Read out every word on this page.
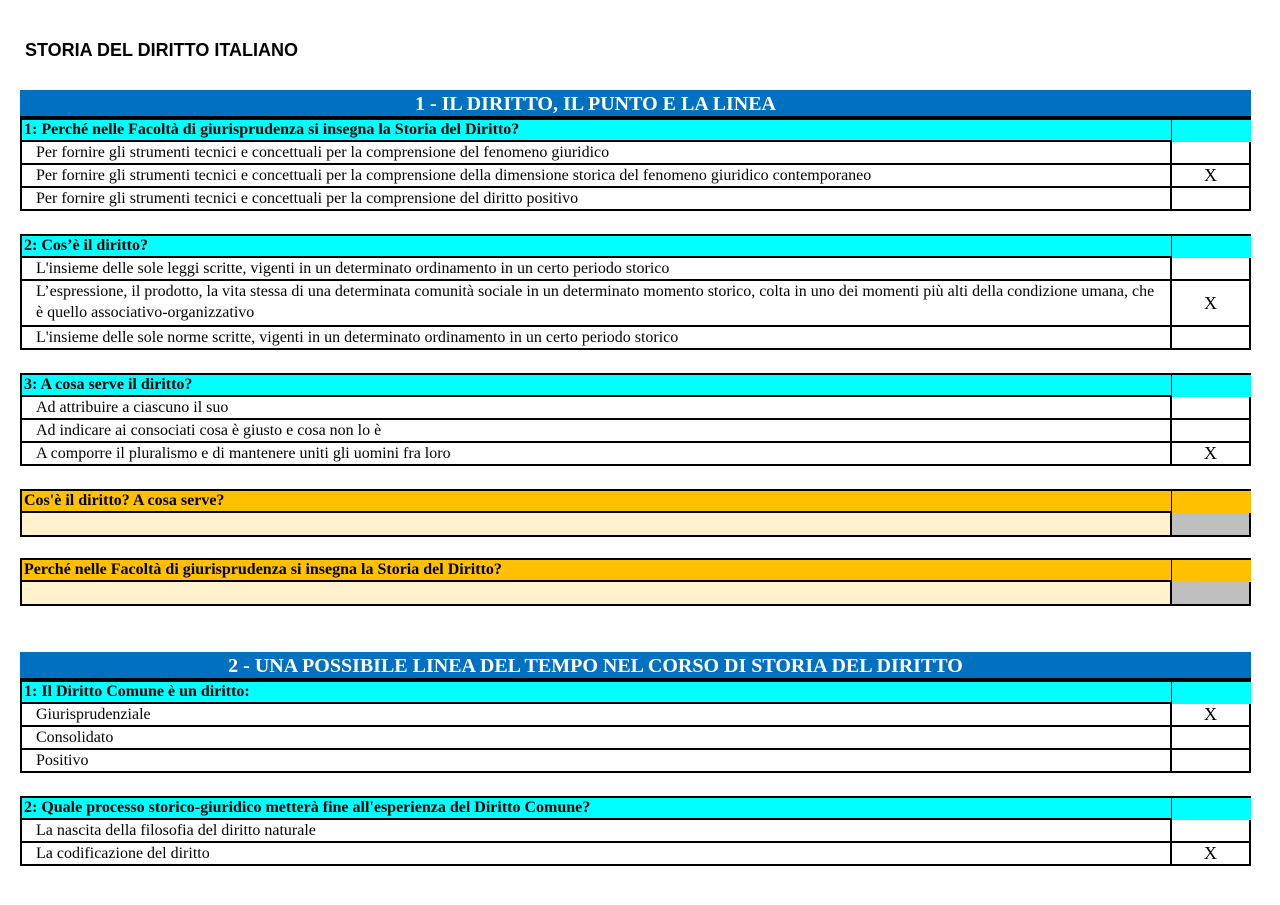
STORIA DEL DIRITTO ITALIANO
1 - IL DIRITTO, IL PUNTO E LA LINEA
1: Perché nelle Facoltà di giurisprudenza si insegna la Storia del Diritto?
Per fornire gli strumenti tecnici e concettuali per la comprensione del fenomeno giuridico
Per fornire gli strumenti tecnici e concettuali per la comprensione della dimensione storica del fenomeno giuridico contemporaneo	X
Per fornire gli strumenti tecnici e concettuali per la comprensione del diritto positivo
2: Cos’è il diritto?
L'insieme delle sole leggi scritte, vigenti in un determinato ordinamento in un certo periodo storico
L’espressione, il prodotto, la vita stessa di una determinata comunità sociale in un determinato momento storico, colta in uno dei momenti più alti della condizione umana, che è quello associativo-organizzativo	X
L'insieme delle sole norme scritte, vigenti in un determinato ordinamento in un certo periodo storico
3: A cosa serve il diritto?
Ad attribuire a ciascuno il suo
Ad indicare ai consociati cosa è giusto e cosa non lo è
A comporre il pluralismo e di mantenere uniti gli uomini fra loro	X
Cos'è il diritto? A cosa serve?
Perché nelle Facoltà di giurisprudenza si insegna la Storia del Diritto?
2 - UNA POSSIBILE LINEA DEL TEMPO NEL CORSO DI STORIA DEL DIRITTO
1: Il Diritto Comune è un diritto:
Giurisprudenziale	X
Consolidato
Positivo
2: Quale processo storico-giuridico metterà fine all'esperienza del Diritto Comune?
La nascita della filosofia del diritto naturale
La codificazione del diritto	X
